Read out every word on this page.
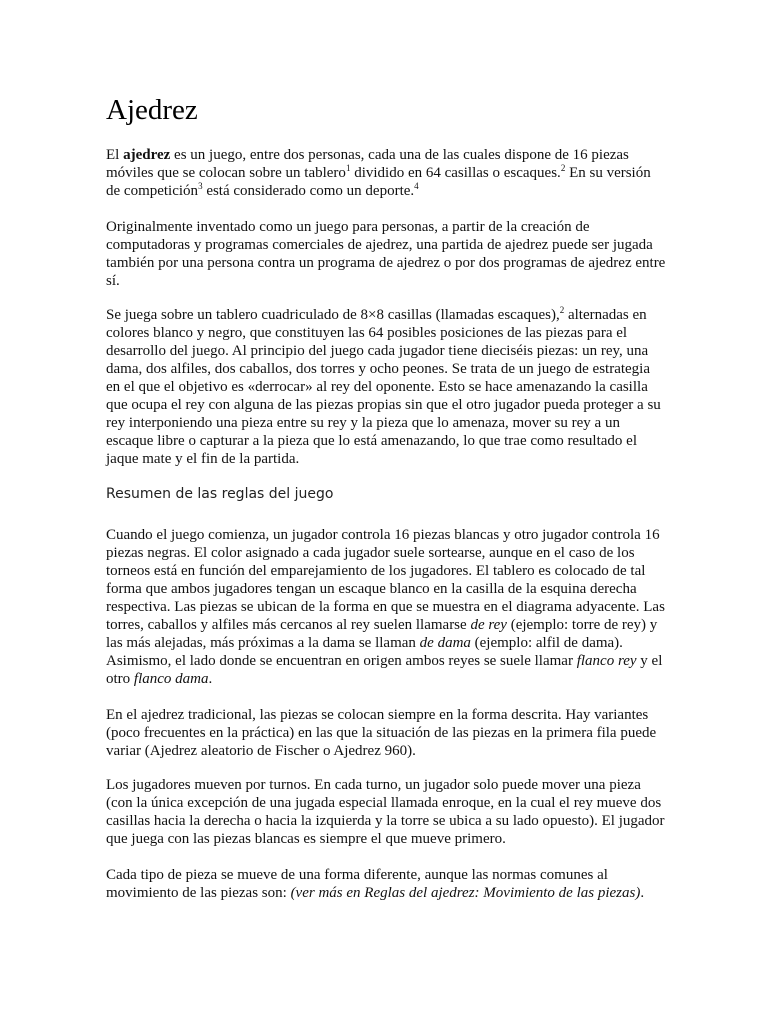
Ajedrez

El ajedrez es un juego, entre dos personas, cada una de las cuales dispone de 16 piezas móviles que se colocan sobre un tablero$^1$ dividido en 64 casillas o escaques.$^2$ En su versión de competición$^3$ está considerado como un deporte.$^4$

Originalmente inventado como un juego para personas, a partir de la creación de computadoras y programas comerciales de ajedrez, una partida de ajedrez puede ser jugada también por una persona contra un programa de ajedrez o por dos programas de ajedrez entre sí.

Se juega sobre un tablero cuadriculado de 8×8 casillas (llamadas escaques),$^2$ alternadas en colores blanco y negro, que constituyen las 64 posibles posiciones de las piezas para el desarrollo del juego. Al principio del juego cada jugador tiene dieciséis piezas: un rey, una dama, dos alfiles, dos caballos, dos torres y ocho peones. Se trata de un juego de estrategia en el que el objetivo es «derrocar» al rey del oponente. Esto se hace amenazando la casilla que ocupa el rey con alguna de las piezas propias sin que el otro jugador pueda proteger a su rey interponiendo una pieza entre su rey y la pieza que lo amenaza, mover su rey a un escaque libre o capturar a la pieza que lo está amenazando, lo que trae como resultado el jaque mate y el fin de la partida.

Resumen de las reglas del juego

Cuando el juego comienza, un jugador controla 16 piezas blancas y otro jugador controla 16 piezas negras. El color asignado a cada jugador suele sortearse, aunque en el caso de los torneos está en función del emparejamiento de los jugadores. El tablero es colocado de tal forma que ambos jugadores tengan un escaque blanco en la casilla de la esquina derecha respectiva. Las piezas se ubican de la forma en que se muestra en el diagrama adyacente. Las torres, caballos y alfiles más cercanos al rey suelen llamarse de rey (ejemplo: torre de rey) y las más alejadas, más próximas a la dama se llaman de dama (ejemplo: alfil de dama). Asimismo, el lado donde se encuentran en origen ambos reyes se suele llamar flanco rey y el otro flanco dama.

En el ajedrez tradicional, las piezas se colocan siempre en la forma descrita. Hay variantes (poco frecuentes en la práctica) en las que la situación de las piezas en la primera fila puede variar (Ajedrez aleatorio de Fischer o Ajedrez 960).

Los jugadores mueven por turnos. En cada turno, un jugador solo puede mover una pieza (con la única excepción de una jugada especial llamada enroque, en la cual el rey mueve dos casillas hacia la derecha o hacia la izquierda y la torre se ubica a su lado opuesto). El jugador que juega con las piezas blancas es siempre el que mueve primero.

Cada tipo de pieza se mueve de una forma diferente, aunque las normas comunes al movimiento de las piezas son: (ver más en Reglas del ajedrez: Movimiento de las piezas).
